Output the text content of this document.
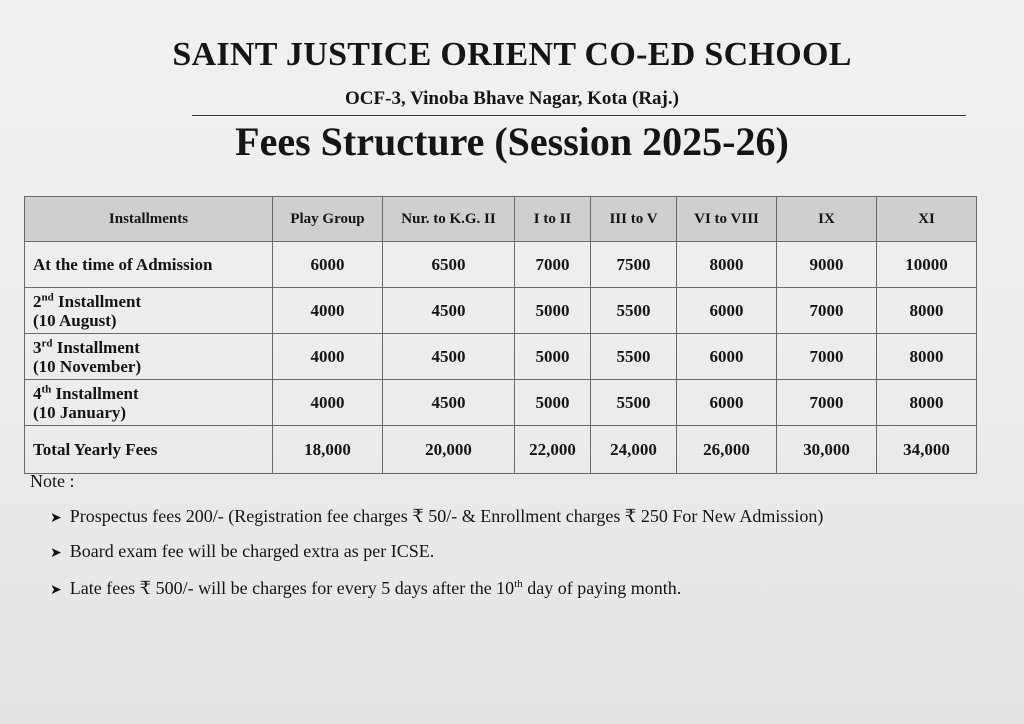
SAINT JUSTICE ORIENT CO-ED SCHOOL
OCF-3, Vinoba Bhave Nagar, Kota (Raj.)
Fees Structure (Session 2025-26)
Installments	Play Group	Nur. to K.G. II	I to II	III to V	VI to VIII	IX	XI
At the time of Admission	6000	6500	7000	7500	8000	9000	10000
2nd Installment
(10 August)	4000	4500	5000	5500	6000	7000	8000
3rd Installment
(10 November)	4000	4500	5000	5500	6000	7000	8000
4th Installment
(10 January)	4000	4500	5000	5500	6000	7000	8000
Total Yearly Fees	18,000	20,000	22,000	24,000	26,000	30,000	34,000
Note :
➤ Prospectus fees 200/- (Registration fee charges ₹ 50/- & Enrollment charges ₹ 250 For New Admission)
➤ Board exam fee will be charged extra as per ICSE.
➤ Late fees ₹ 500/- will be charges for every 5 days after the 10th day of paying month.
